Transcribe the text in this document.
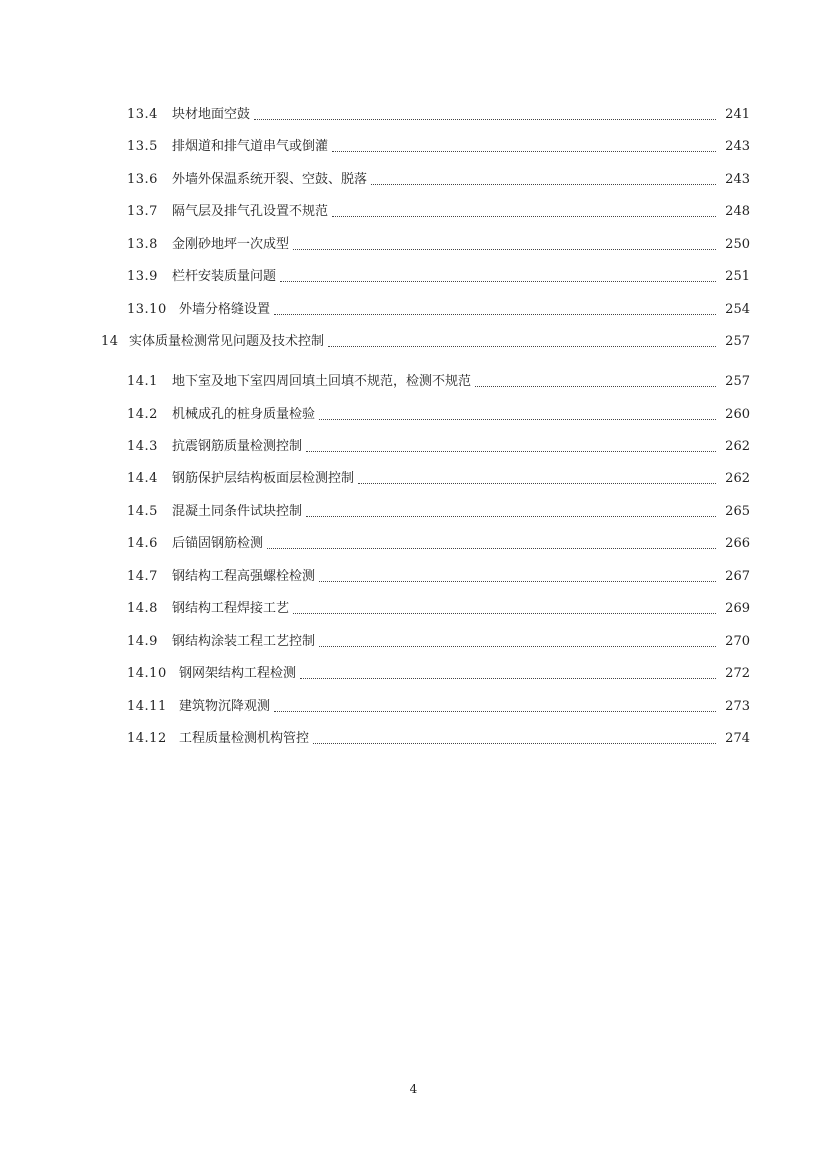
13.4	块材地面空鼓	241
13.5	排烟道和排气道串气或倒灌	243
13.6	外墙外保温系统开裂、空鼓、脱落	243
13.7	隔气层及排气孔设置不规范	248
13.8	金刚砂地坪一次成型	250
13.9	栏杆安装质量问题	251
13.10 外墙分格缝设置	254
14 实体质量检测常见问题及技术控制	257
14.1	地下室及地下室四周回填土回填不规范，检测不规范	257
14.2	机械成孔的桩身质量检验	260
14.3	抗震钢筋质量检测控制	262
14.4	钢筋保护层结构板面层检测控制	262
14.5	混凝土同条件试块控制	265
14.6	后锚固钢筋检测	266
14.7	钢结构工程高强螺栓检测	267
14.8	钢结构工程焊接工艺	269
14.9	钢结构涂装工程工艺控制	270
14.10 钢网架结构工程检测	272
14.11 建筑物沉降观测	273
14.12 工程质量检测机构管控	274
4
